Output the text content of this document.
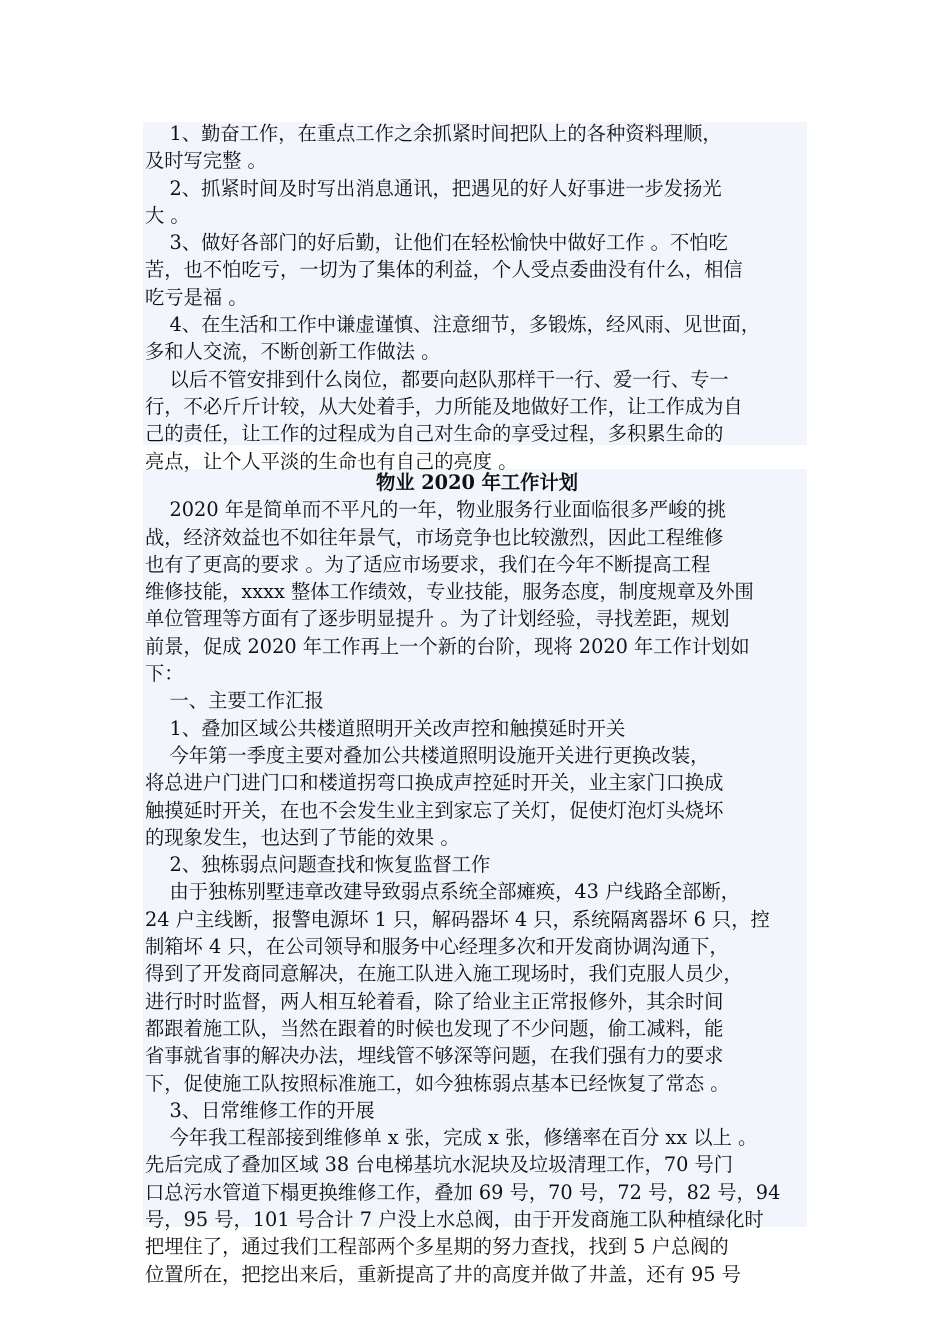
1、勤奋工作，在重点工作之余抓紧时间把队上的各种资料理顺，
及时写完整 。
2、抓紧时间及时写出消息通讯，把遇见的好人好事进一步发扬光
大 。
3、做好各部门的好后勤，让他们在轻松愉快中做好工作 。不怕吃
苦，也不怕吃亏，一切为了集体的利益，个人受点委曲没有什么，相信
吃亏是福 。
4、在生活和工作中谦虚谨慎、注意细节，多锻炼，经风雨、见世面，
多和人交流，不断创新工作做法 。
以后不管安排到什么岗位，都要向赵队那样干一行、爱一行、专一
行，不必斤斤计较，从大处着手，力所能及地做好工作，让工作成为自
己的责任，让工作的过程成为自己对生命的享受过程，多积累生命的
亮点，让个人平淡的生命也有自己的亮度 。
物业 2020 年工作计划
2020 年是简单而不平凡的一年，物业服务行业面临很多严峻的挑
战，经济效益也不如往年景气，市场竞争也比较激烈，因此工程维修
也有了更高的要求 。为了适应市场要求，我们在今年不断提高工程
维修技能，xxxx 整体工作绩效，专业技能，服务态度，制度规章及外围
单位管理等方面有了逐步明显提升 。为了计划经验，寻找差距，规划
前景，促成 2020 年工作再上一个新的台阶，现将 2020 年工作计划如
下：
一、主要工作汇报
1、叠加区域公共楼道照明开关改声控和触摸延时开关
今年第一季度主要对叠加公共楼道照明设施开关进行更换改装，
将总进户门进门口和楼道拐弯口换成声控延时开关，业主家门口换成
触摸延时开关，在也不会发生业主到家忘了关灯，促使灯泡灯头烧坏
的现象发生，也达到了节能的效果 。
2、独栋弱点问题查找和恢复监督工作
由于独栋别墅违章改建导致弱点系统全部瘫痪，43 户线路全部断，
24 户主线断，报警电源坏 1 只，解码器坏 4 只，系统隔离器坏 6 只，控
制箱坏 4 只，在公司领导和服务中心经理多次和开发商协调沟通下，
得到了开发商同意解决，在施工队进入施工现场时，我们克服人员少，
进行时时监督，两人相互轮着看，除了给业主正常报修外，其余时间
都跟着施工队，当然在跟着的时候也发现了不少问题，偷工减料，能
省事就省事的解决办法，埋线管不够深等问题，在我们强有力的要求
下，促使施工队按照标准施工，如今独栋弱点基本已经恢复了常态 。
3、日常维修工作的开展
今年我工程部接到维修单 x 张，完成 x 张，修缮率在百分 xx 以上 。
先后完成了叠加区域 38 台电梯基坑水泥块及垃圾清理工作，70 号门
口总污水管道下榻更换维修工作，叠加 69 号，70 号，72 号，82 号，94
号，95 号，101 号合计 7 户没上水总阀，由于开发商施工队种植绿化时
把埋住了，通过我们工程部两个多星期的努力查找，找到 5 户总阀的
位置所在，把挖出来后，重新提高了井的高度并做了井盖，还有 95 号
